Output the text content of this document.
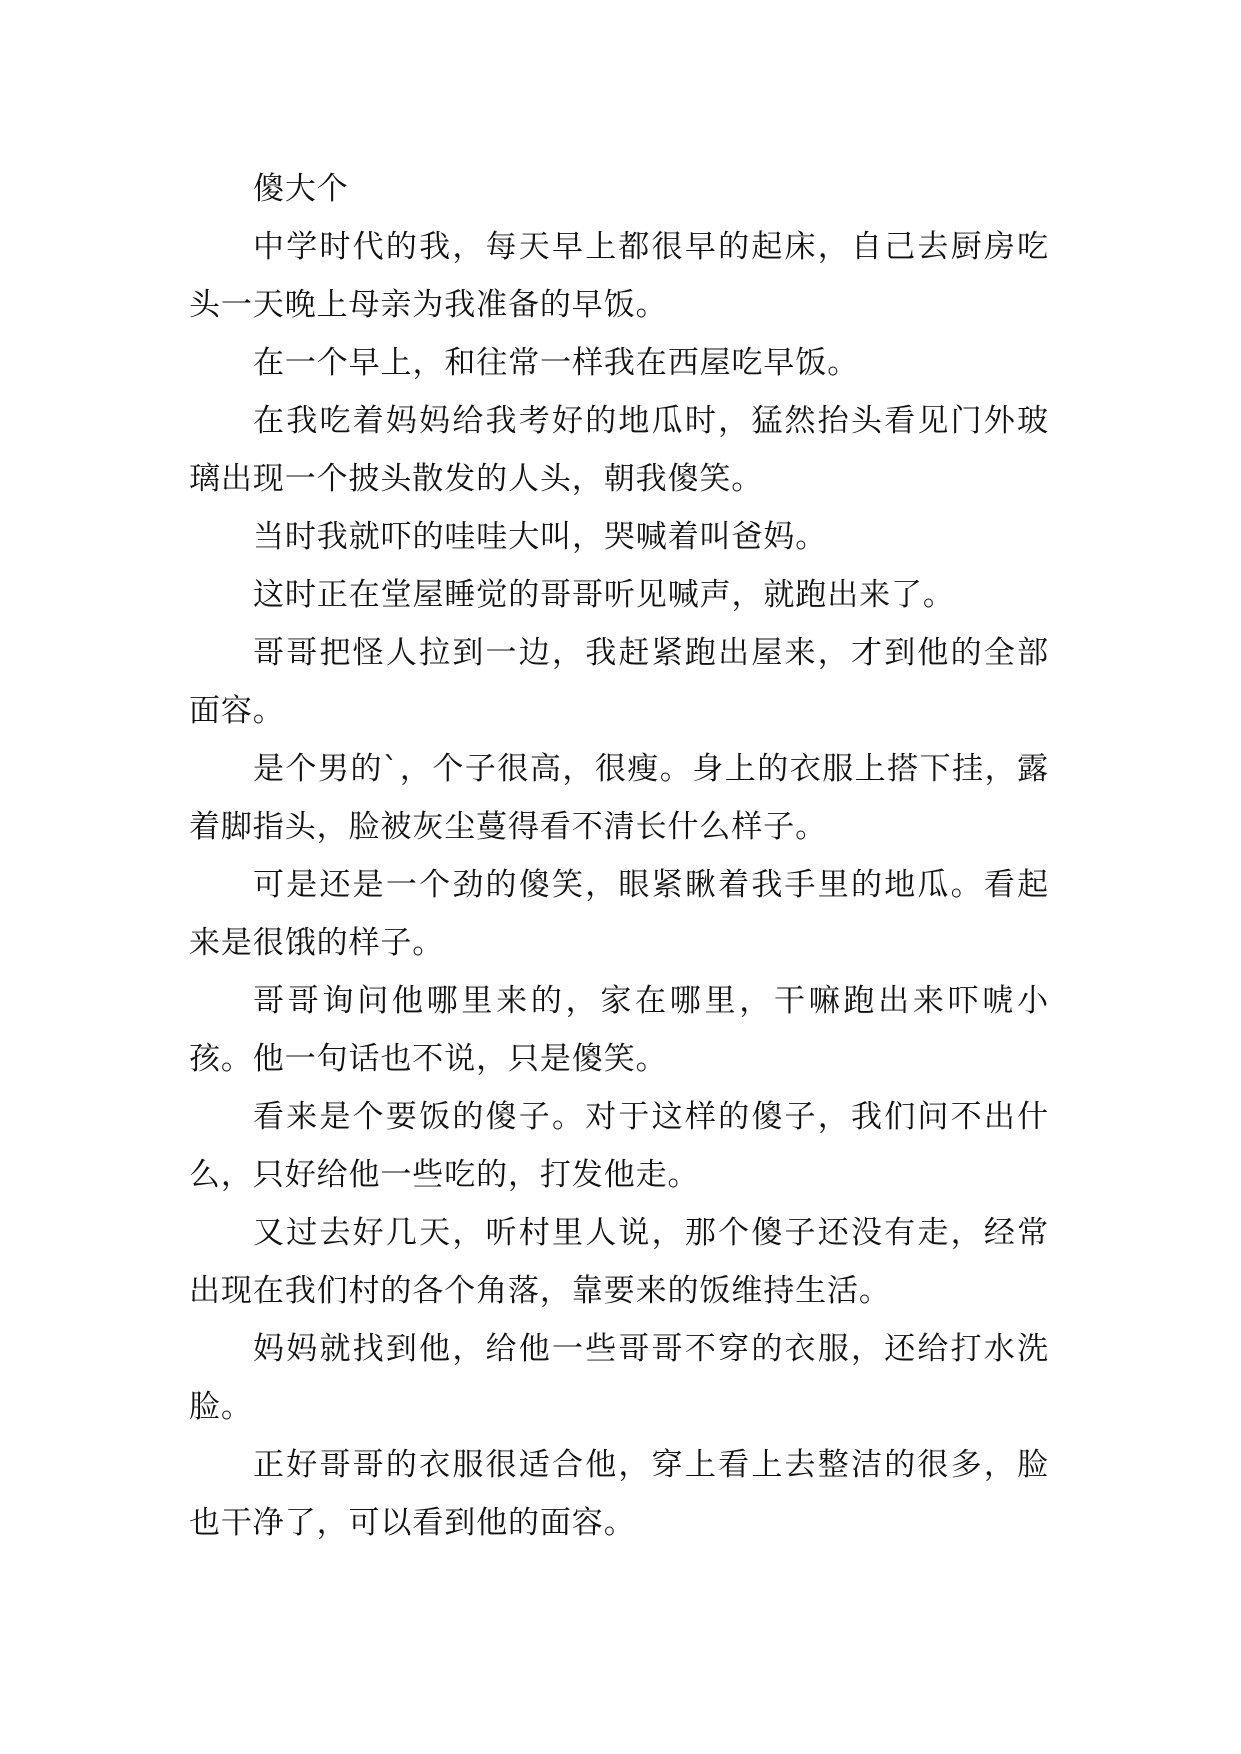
傻大个

中学时代的我，每天早上都很早的起床，自己去厨房吃头一天晚上母亲为我准备的早饭。

在一个早上，和往常一样我在西屋吃早饭。

在我吃着妈妈给我考好的地瓜时，猛然抬头看见门外玻璃出现一个披头散发的人头，朝我傻笑。

当时我就吓的哇哇大叫，哭喊着叫爸妈。

这时正在堂屋睡觉的哥哥听见喊声，就跑出来了。

哥哥把怪人拉到一边，我赶紧跑出屋来，才到他的全部面容。

是个男的`，个子很高，很瘦。身上的衣服上搭下挂，露着脚指头，脸被灰尘蔓得看不清长什么样子。

可是还是一个劲的傻笑，眼紧瞅着我手里的地瓜。看起来是很饿的样子。

哥哥询问他哪里来的，家在哪里，干嘛跑出来吓唬小孩。他一句话也不说，只是傻笑。

看来是个要饭的傻子。对于这样的傻子，我们问不出什么，只好给他一些吃的，打发他走。

又过去好几天，听村里人说，那个傻子还没有走，经常出现在我们村的各个角落，靠要来的饭维持生活。

妈妈就找到他，给他一些哥哥不穿的衣服，还给打水洗脸。

正好哥哥的衣服很适合他，穿上看上去整洁的很多，脸也干净了，可以看到他的面容。
